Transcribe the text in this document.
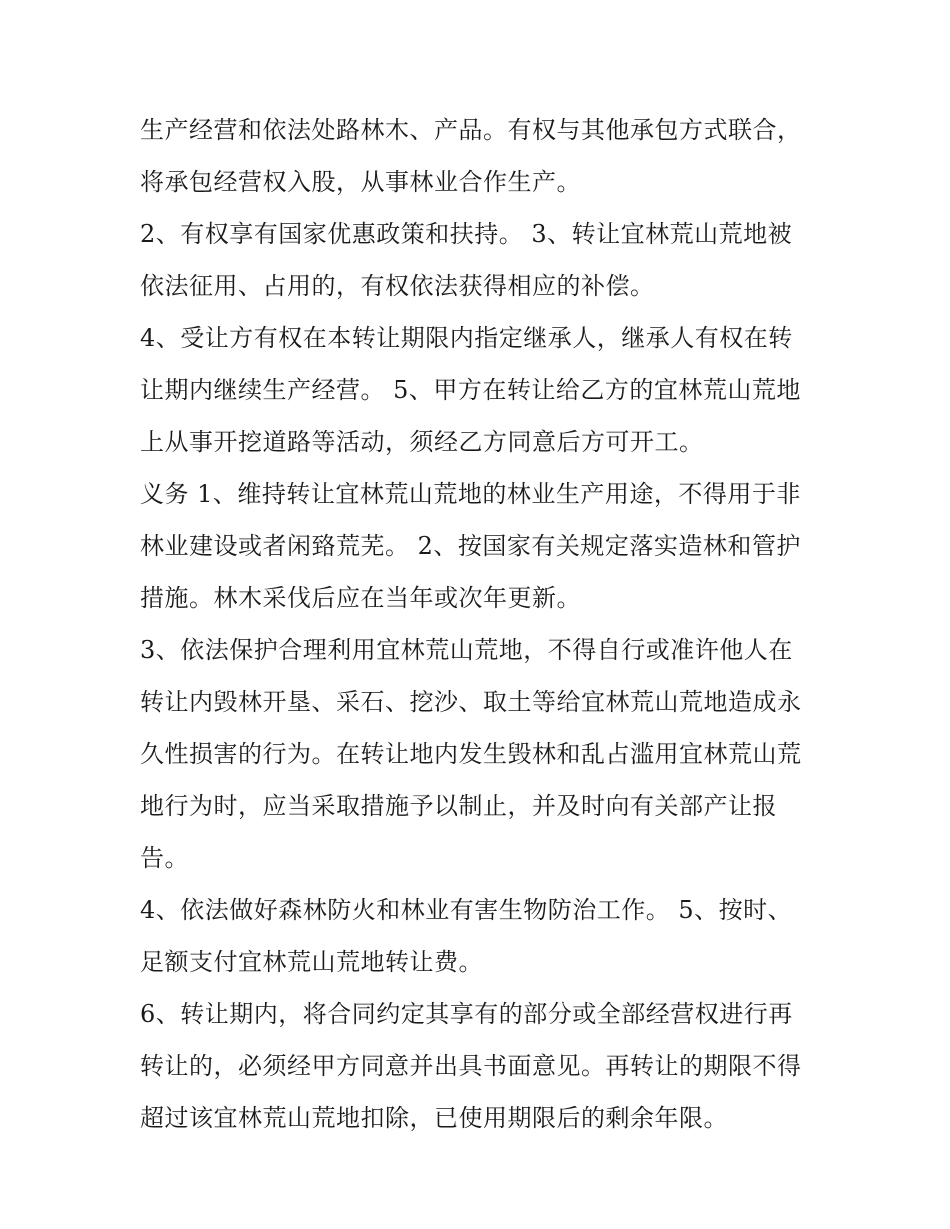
生产经营和依法处路林木、产品。有权与其他承包方式联合，
将承包经营权入股，从事林业合作生产。
2、有权享有国家优惠政策和扶持。 3、转让宜林荒山荒地被
依法征用、占用的，有权依法获得相应的补偿。
4、受让方有权在本转让期限内指定继承人，继承人有权在转
让期内继续生产经营。 5、甲方在转让给乙方的宜林荒山荒地
上从事开挖道路等活动，须经乙方同意后方可开工。
义务 1、维持转让宜林荒山荒地的林业生产用途，不得用于非
林业建设或者闲臵荒芜。 2、按国家有关规定落实造林和管护
措施。林木采伐后应在当年或次年更新。
3、依法保护合理利用宜林荒山荒地，不得自行或准许他人在
转让内毁林开垦、采石、挖沙、取土等给宜林荒山荒地造成永
久性损害的行为。在转让地内发生毁林和乱占滥用宜林荒山荒
地行为时，应当采取措施予以制止，并及时向有关部产让报
告。
4、依法做好森林防火和林业有害生物防治工作。 5、按时、
足额支付宜林荒山荒地转让费。
6、转让期内，将合同约定其享有的部分或全部经营权进行再
转让的，必须经甲方同意并出具书面意见。再转让的期限不得
超过该宜林荒山荒地扣除，已使用期限后的剩余年限。
